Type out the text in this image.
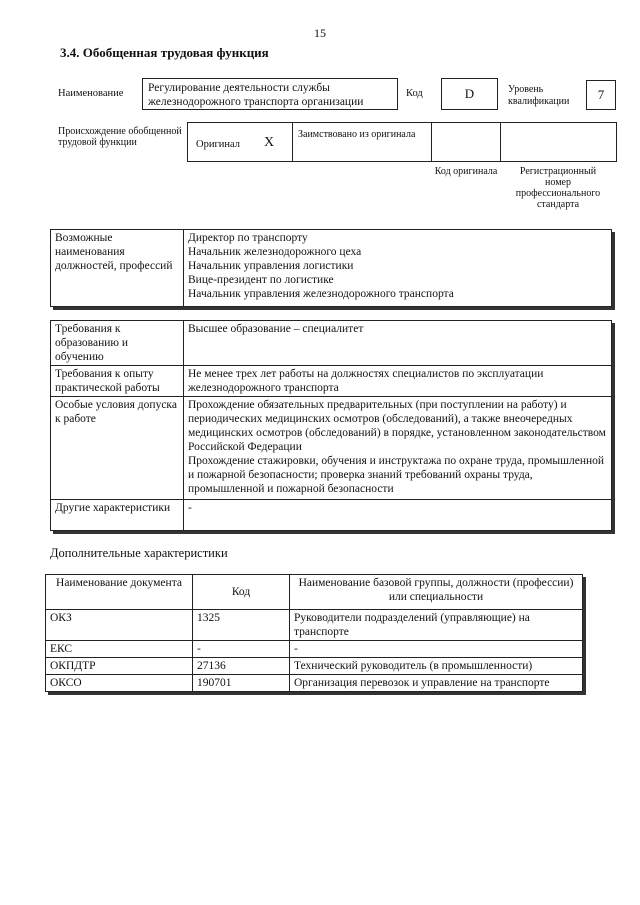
15
3.4. Обобщенная трудовая функция
Наименование	Регулирование деятельности службы железнодорожного транспорта организации
Код	D	Уровень квалификации	7
Происхождение обобщенной трудовой функции	Оригинал X
Заимствовано из оригинала
Код оригинала	Регистрационный номер профессионального стандарта
Возможные наименования должностей, профессий	
Директор по транспорту
Начальник железнодорожного цеха
Начальник управления логистики
Вице-президент по логистике
Начальник управления железнодорожного транспорта
Требования к образованию и обучению	Высшее образование – специалитет
Требования к опыту практической работы	Не менее трех лет работы на должностях специалистов по эксплуатации железнодорожного транспорта
Особые условия допуска к работе	Прохождение обязательных предварительных (при поступлении на работу) и периодических медицинских осмотров (обследований), а также внеочередных медицинских осмотров (обследований) в порядке, установленном законодательством Российской Федерации
Прохождение стажировки, обучения и инструктажа по охране труда, промышленной и пожарной безопасности; проверка знаний требований охраны труда, промышленной и пожарной безопасности

Другие характеристики	-
Дополнительные характеристики
Наименование документа	Код	Наименование базовой группы, должности (профессии) или специальности
ОКЗ	1325	Руководители подразделений (управляющие) на транспорте
ЕКС	-	-
ОКПДТР	27136	Технический руководитель (в промышленности)
ОКСО	190701	Организация перевозок и управление на транспорте
